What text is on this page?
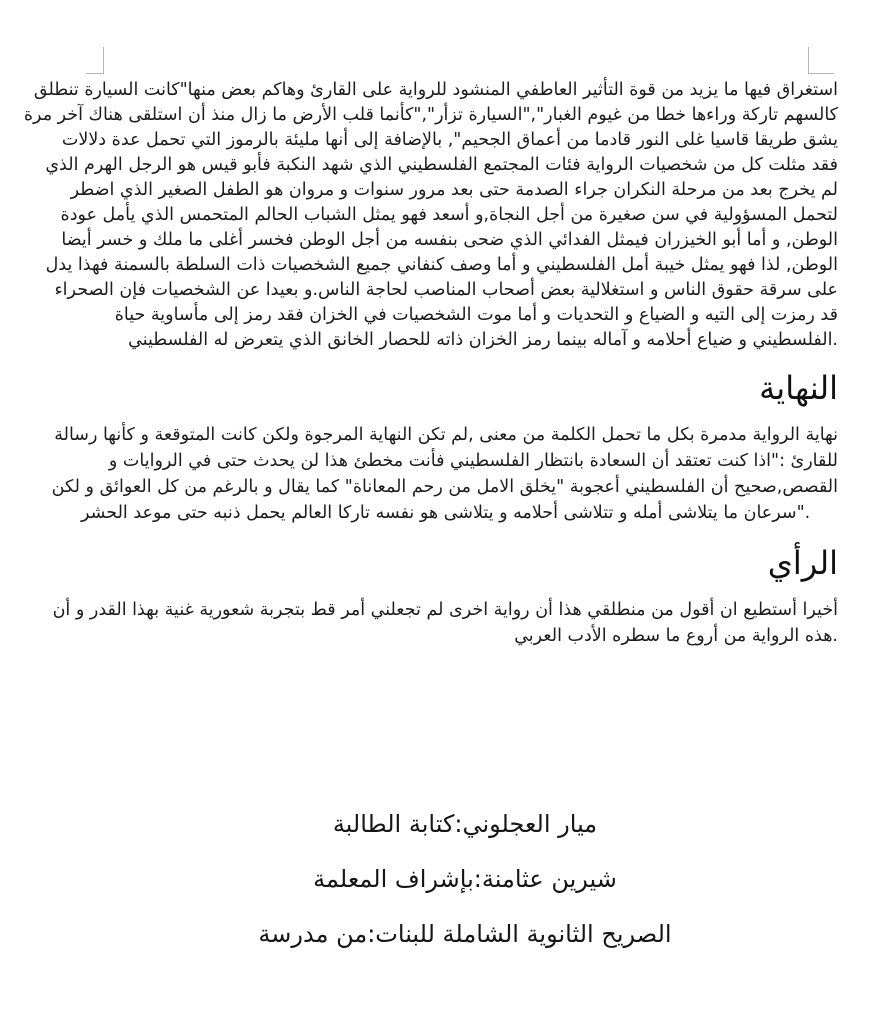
استغراق فيها ما يزيد من قوة التأثير العاطفي المنشود للرواية على القارئ وهاكم بعض منها"كانت السيارة تنطلق
كالسهم تاركة وراءها خطا من غيوم الغبار","السيارة تزأر","كأنما قلب الأرض ما زال منذ أن استلقى هناك آخر مرة
يشق طريقا قاسيا غلى النور قادما من أعماق الجحيم", بالإضافة إلى أنها مليئة بالرموز التي تحمل عدة دلالات
فقد مثلت كل من شخصيات الرواية فئات المجتمع الفلسطيني الذي شهد النكبة فأبو قيس هو الرجل الهرم الذي
لم يخرج بعد من مرحلة النكران جراء الصدمة حتى بعد مرور سنوات و مروان هو الطفل الصغير الذي اضطر
لتحمل المسؤولية في سن صغيرة من أجل النجاة,و أسعد فهو يمثل الشباب الحالم المتحمس الذي يأمل عودة
الوطن, و أما أبو الخيزران فيمثل الفدائي الذي ضحى بنفسه من أجل الوطن فخسر أغلى ما ملك و خسر أيضا
الوطن, لذا فهو يمثل خيبة أمل الفلسطيني و أما وصف كنفاني جميع الشخصيات ذات السلطة بالسمنة فهذا يدل
على سرقة حقوق الناس و استغلالية بعض أصحاب المناصب لحاجة الناس.و بعيدا عن الشخصيات فإن الصحراء
قد رمزت إلى التيه و الضياع و التحديات و أما موت الشخصيات في الخزان فقد رمز إلى مأساوية حياة
.الفلسطيني و ضياع أحلامه و آماله بينما رمز الخزان ذاته للحصار الخانق الذي يتعرض له الفلسطيني
النهاية
نهاية الرواية مدمرة بكل ما تحمل الكلمة من معنى ,لم تكن النهاية المرجوة ولكن كانت المتوقعة و كأنها رسالة
للقارئ :"اذا كنت تعتقد أن السعادة بانتظار الفلسطيني فأنت مخطئ هذا لن يحدث حتى في الروايات و
القصص,صحيح أن الفلسطيني أعجوبة "يخلق الامل من رحم المعاناة" كما يقال و بالرغم من كل العوائق و لكن
."سرعان ما يتلاشى أمله و تتلاشى أحلامه و يتلاشى هو نفسه تاركا العالم يحمل ذنبه حتى موعد الحشر
الرأي
أخيرا أستطيع ان أقول من منطلقي هذا أن رواية اخرى لم تجعلني أمر قط بتجربة شعورية غنية بهذا القدر و أن
.هذه الرواية من أروع ما سطره الأدب العربي
ميار العجلوني:كتابة الطالبة
شيرين عثامنة:بإشراف المعلمة
الصريح الثانوية الشاملة للبنات:من مدرسة
